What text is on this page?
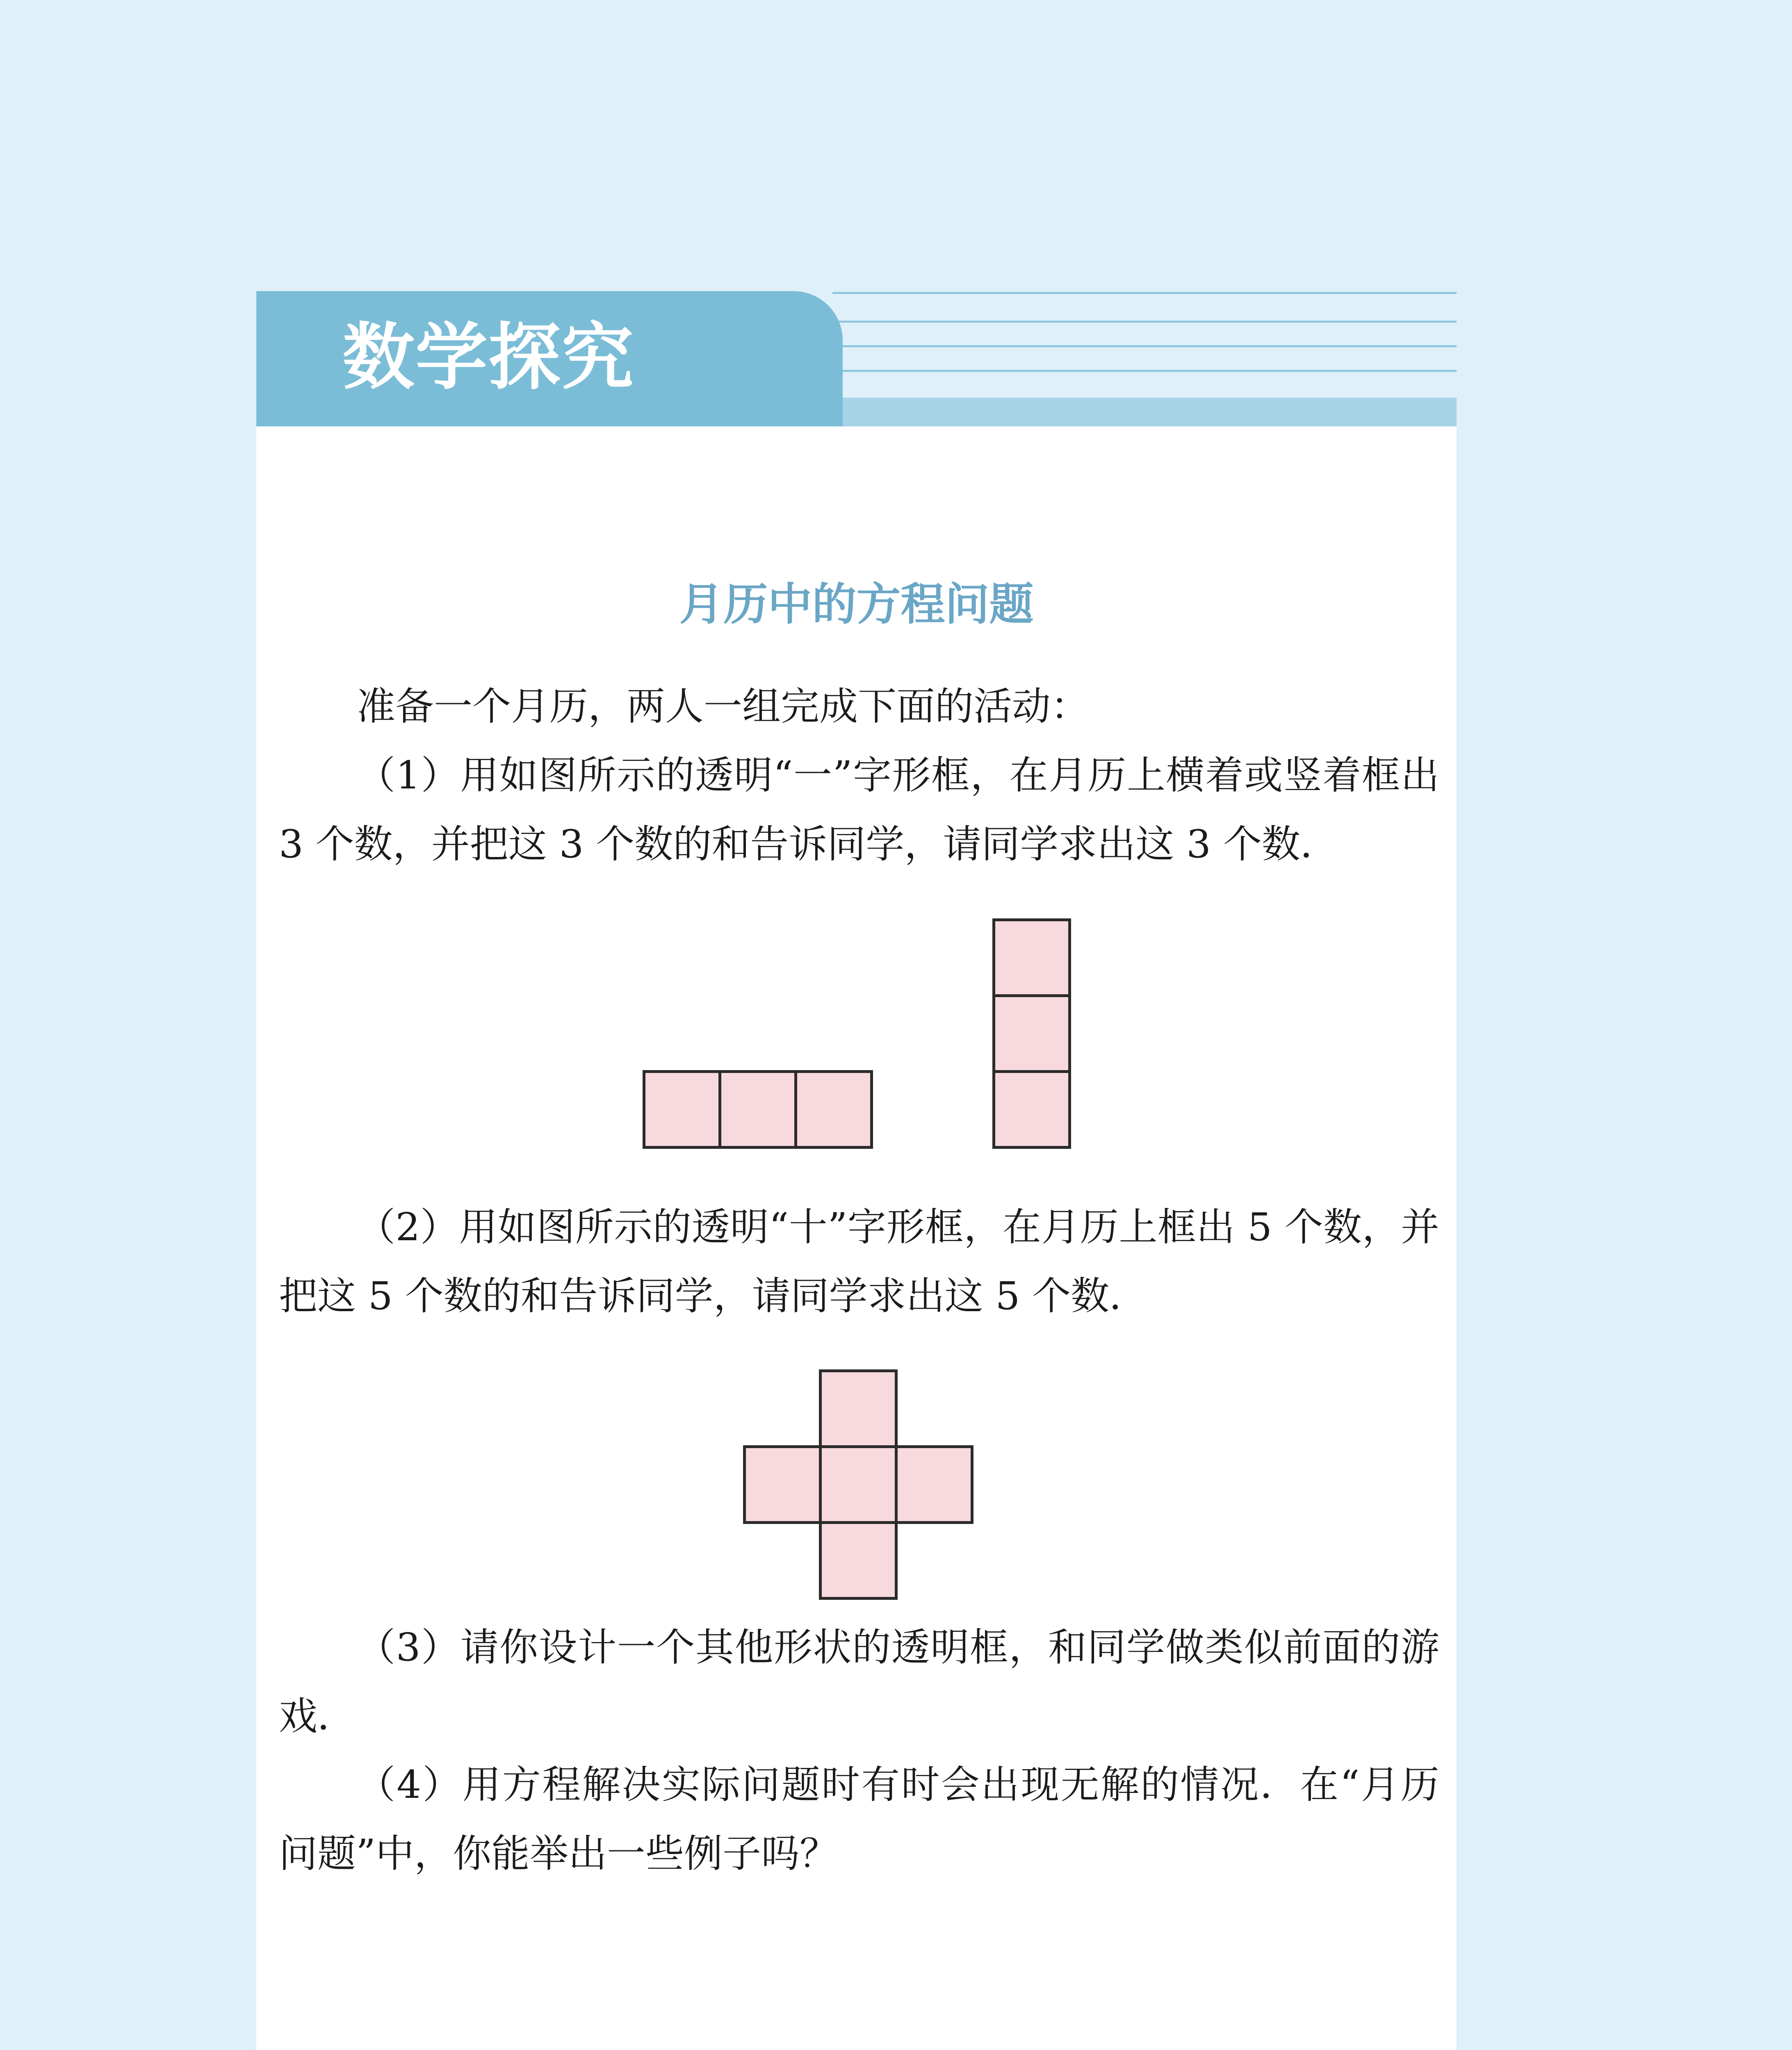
数学探究
月历中的方程问题

准备一个月历，两人一组完成下面的活动：

（1）用如图所示的透明“一”字形框，在月历上横着或竖着框出 3 个数，并把这 3 个数的和告诉同学，请同学求出这 3 个数．

（2）用如图所示的透明“十”字形框，在月历上框出 5 个数，并把这 5 个数的和告诉同学，请同学求出这 5 个数．

（3）请你设计一个其他形状的透明框，和同学做类似前面的游戏．

（4）用方程解决实际问题时有时会出现无解的情况．在“月历问题”中，你能举出一些例子吗？
